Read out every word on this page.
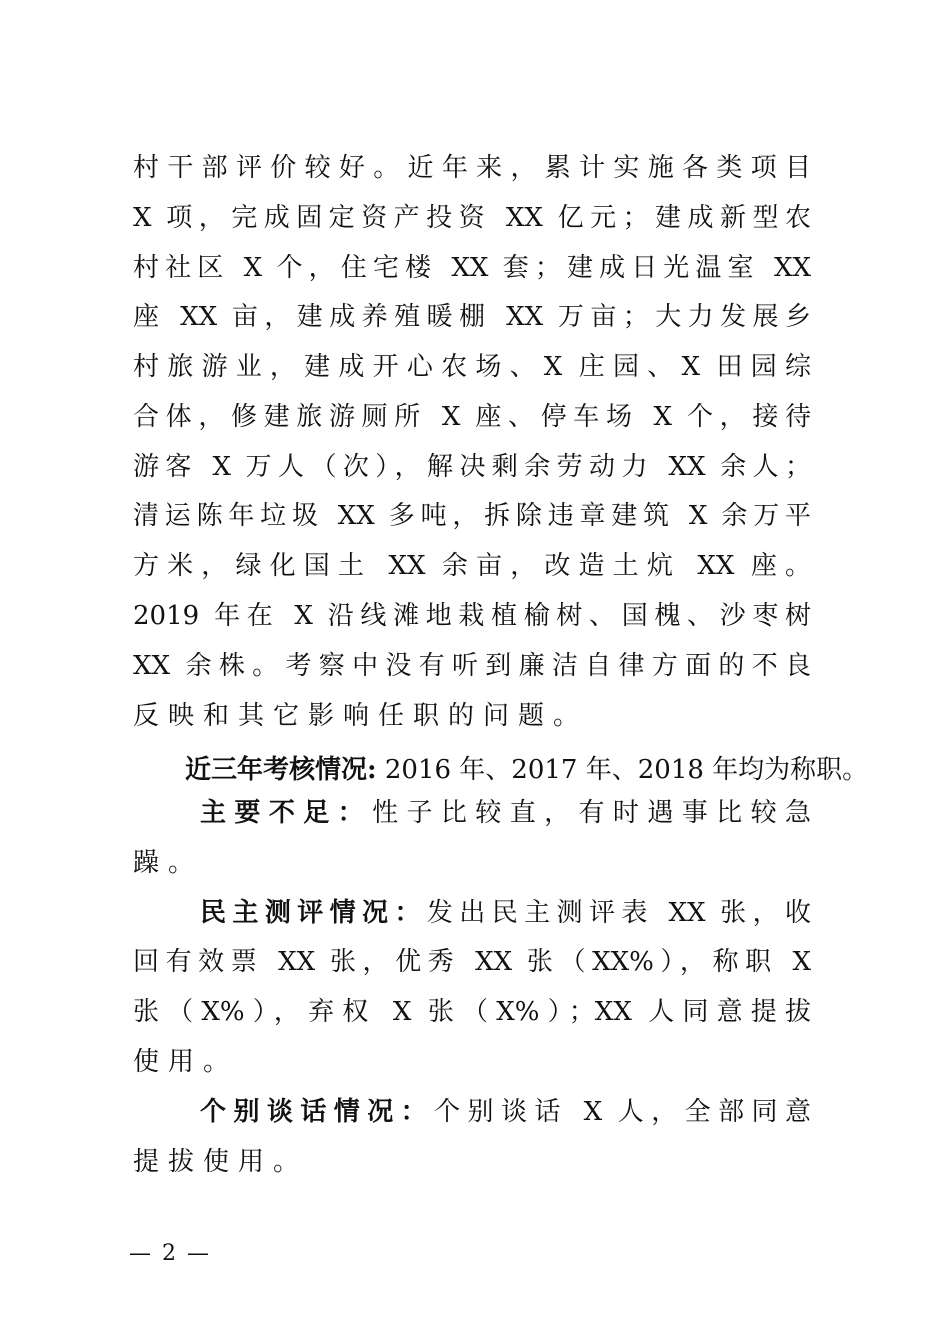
村干部评价较好。近年来，累计实施各类项目
X 项，完成固定资产投资 XX 亿元；建成新型农
村社区 X 个，住宅楼 XX 套；建成日光温室 XX
座 XX 亩，建成养殖暖棚 XX 万亩；大力发展乡
村旅游业，建成开心农场、X 庄园、X 田园综
合体，修建旅游厕所 X 座、停车场 X 个，接待
游客 X 万人（次），解决剩余劳动力 XX 余人；
清运陈年垃圾 XX 多吨，拆除违章建筑 X 余万平
方米，绿化国土 XX 余亩，改造土炕 XX 座。
2019 年在 X 沿线滩地栽植榆树、国槐、沙枣树
XX 余株。考察中没有听到廉洁自律方面的不良
反映和其它影响任职的问题。
近三年考核情况: 2016 年、2017 年、2018 年均为称职。
主要不足：性子比较直，有时遇事比较急
躁。
民主测评情况：发出民主测评表 XX 张，收
回有效票 XX 张，优秀 XX 张（XX%），称职 X
张（X%），弃权 X 张（X%）；XX 人同意提拔
使用。
个别谈话情况：个别谈话 X 人，全部同意
提拔使用。
— 2 —
